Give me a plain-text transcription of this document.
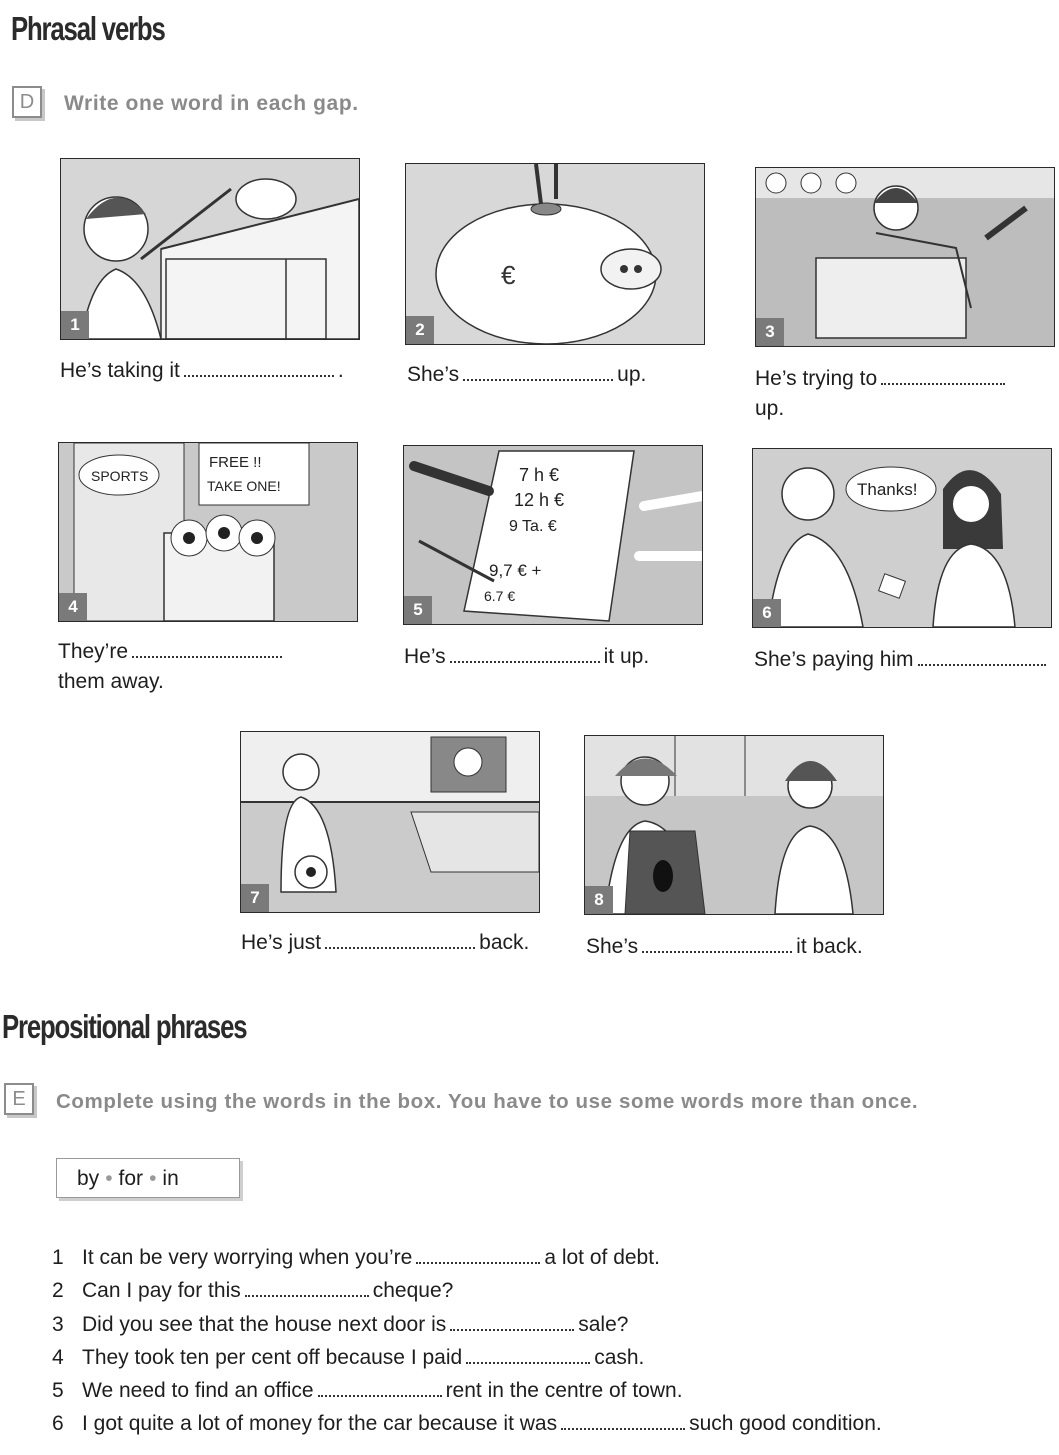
Phrasal verbs
D	Write one word in each gap.
1
He’s taking it	.
€
2
She’s	up.
3
He’s trying to
up.
SPORTS
FREE !!
TAKE ONE!
4
They’re
them away.
7 h €
12 h €
9 Ta. €
9,7 € +
6.7 €
5
He’s	it up.
Thanks!
6
She’s paying him
7
He’s just	back.
8
She’s	it back.
Prepositional phrases
E	Complete using the words in the box. You have to use some words more than once.
by • for • in
1 It can be very worrying when you’re	a lot of debt.
2 Can I pay for this	cheque?
3 Did you see that the house next door is	sale?
4 They took ten per cent off because I paid	cash.
5 We need to find an office	rent in the centre of town.
6 I got quite a lot of money for the car because it was	such good condition.
